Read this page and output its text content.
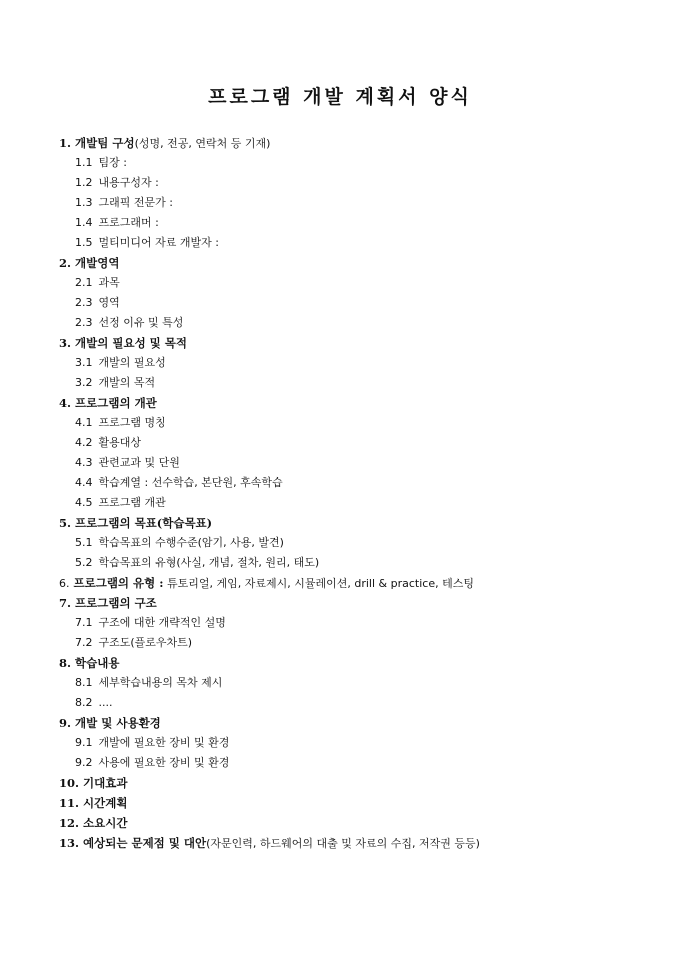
프로그램 개발 계획서 양식
1. 개발팀 구성(성명, 전공, 연락처 등 기재)
1.1 팀장 :
1.2 내용구성자 :
1.3 그래픽 전문가 :
1.4 프로그래머 :
1.5 멀티미디어 자료 개발자 :
2. 개발영역
2.1 과목
2.3 영역
2.3 선정 이유 및 특성
3. 개발의 필요성 및 목적
3.1 개발의 필요성
3.2 개발의 목적
4. 프로그램의 개관
4.1 프로그램 명칭
4.2 활용대상
4.3 관련교과 및 단원
4.4 학습계열 : 선수학습, 본단원, 후속학습
4.5 프로그램 개관
5. 프로그램의 목표(학습목표)
5.1 학습목표의 수행수준(암기, 사용, 발견)
5.2 학습목표의 유형(사실, 개념, 절차, 원리, 태도)
6. 프로그램의 유형 : 튜토리얼, 게임, 자료제시, 시뮬레이션, drill & practice, 테스팅
7. 프로그램의 구조
7.1 구조에 대한 개략적인 설명
7.2 구조도(플로우차트)
8. 학습내용
8.1 세부학습내용의 목차 제시
8.2 ....
9. 개발 및 사용환경
9.1 개발에 필요한 장비 및 환경
9.2 사용에 필요한 장비 및 환경
10. 기대효과
11. 시간계획
12. 소요시간
13. 예상되는 문제점 및 대안(자문인력, 하드웨어의 대출 및 자료의 수집, 저작권 등등)
